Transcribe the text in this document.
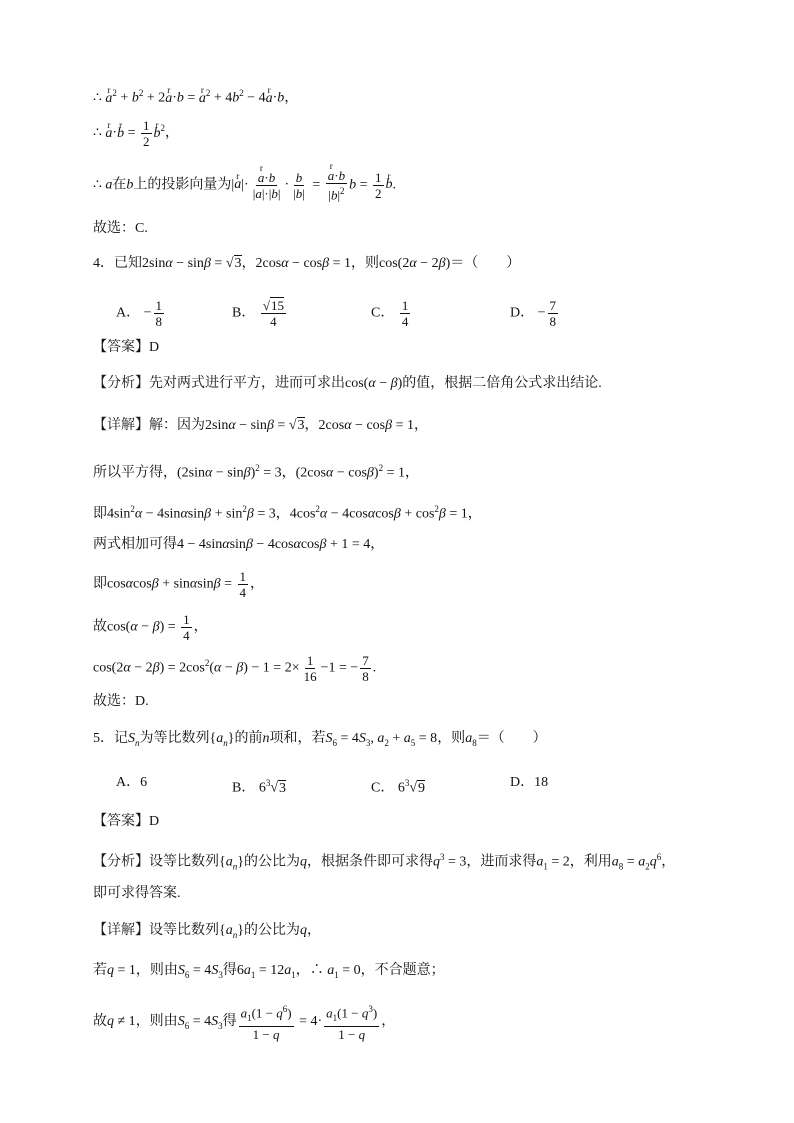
∴ r $a^2 + b^2 + 2r$ a·b = r $a^2 + 4b^2 - 4r$ a·b，
∴ r a·r $b = \frac{1}{2}$
r $b^2$，
∴ a在b上的投影向量为|r a|·
r $\frac{a\cdot b}{|a|\cdot|b|} \cdot \frac{b}{|b|}$ =
r $\frac{a\cdot b}{|b|^2}$ $b = \frac{1}{2}$
r b.
故选：C.
4．已知2sinα − sinβ = √3，2cosα − cosβ = 1，则cos(2α − 2β)＝（　　）
A． − $\frac{1}{8}$	B． $\frac{√15}{4}$	C． $\frac{1}{4}$	D． − $\frac{7}{8}$
【答案】D
【分析】先对两式进行平方，进而可求出cos(α − β)的值，根据二倍角公式求出结论.
【详解】解：因为2sinα − sinβ = √3，2cosα − cosβ = 1，
所以平方得，$(2\sin\alpha - \sin\beta)^2 = 3$，$(2\cos\alpha - \cos\beta)^2 = 1$，
即$4\sin^2\alpha - 4\sin\alpha\sin\beta + \sin^2\beta = 3$，$4\cos^2\alpha - 4\cos\alpha\cos\beta + \cos^2\beta = 1$，
两式相加可得4 − 4sinαsinβ − 4cosαcosβ + 1 = 4，
即$\cos\alpha\cos\beta + \sin\alpha\sin\beta = \frac{1}{4}$ ，
故$\cos(\alpha - \beta) = \frac{1}{4}$ ，
$\cos(2\alpha - 2\beta) = 2\cos^2(\alpha - \beta) - 1 = 2\times \frac{1}{16} -1$ = − $\frac{7}{8}$ .
故选：D.
5．记$S_n$为等比数列$\{a_n\}$的前n项和，若$S_6 = 4S_3$, $a_2 + a_5 = 8$，则$a_8=$（　　）
A．6	B． $6^3√3$	C． $6^3√9$	D．18
【答案】D
【分析】设等比数列$\{a_n\}$的公比为q，根据条件即可求得$q^3 = 3$，进而求得$a_1 = 2$，利用$a_8 = a_2q^6$，
即可求得答案.
【详解】设等比数列$\{a_n\}$的公比为q，
若q = 1，则由$S_6 = 4S_3$得$6a_1 = 12a_1$，∴ $a_1 = 0$，不合题意；
故q ≠ 1，则由$S_6 = 4S_3$得 $\frac{a_1(1 - q^6)}{1 - q} = 4\cdot \frac{a_1(1 - q^3)}{1 - q}$ ，
